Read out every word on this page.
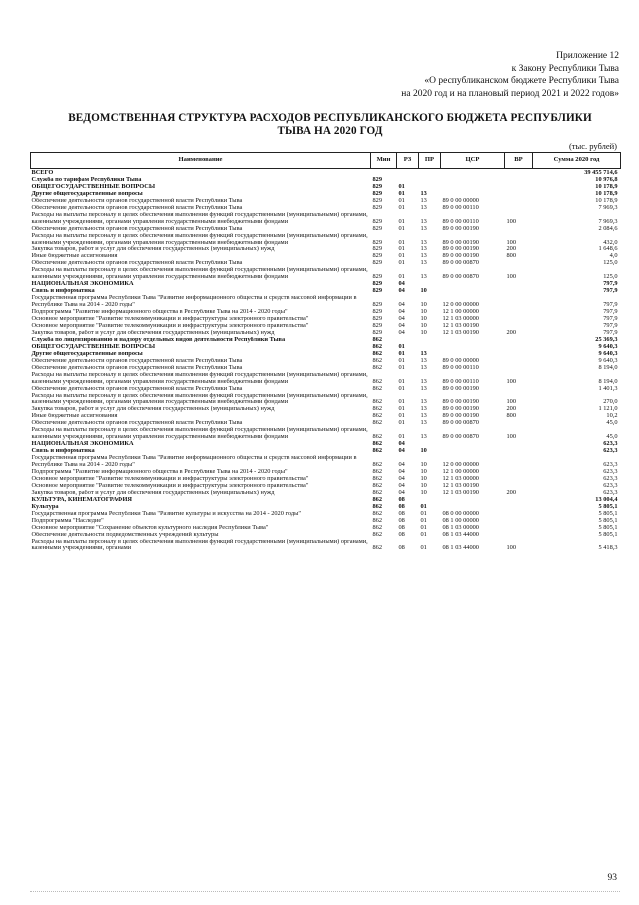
Приложение 12
к Закону Республики Тыва
«О республиканском бюджете Республики Тыва
на 2020 год и на плановый период 2021 и 2022 годов»
ВЕДОМСТВЕННАЯ СТРУКТУРА РАСХОДОВ РЕСПУБЛИКАНСКОГО БЮДЖЕТА РЕСПУБЛИКИ ТЫВА НА 2020 ГОД
(тыс. рублей)
Наименование	Мин	РЗ	ПР	ЦСР	ВР	Сумма 2020 год
ВСЕГО						39 455 714,6
Служба по тарифам Республики Тыва	829					10 976,8
ОБЩЕГОСУДАРСТВЕННЫЕ ВОПРОСЫ	829	01				10 178,9
Другие общегосударственные вопросы	829	01	13			10 178,9
Обеспечение деятельности органов государственной власти Республики Тыва	829	01	13	89 0 00 00000		10 178,9
Обеспечение деятельности органов государственной власти Республики Тыва	829	01	13	89 0 00 00110		7 969,3
Расходы на выплаты персоналу в целях обеспечения выполнения функций государственными (муниципальными) органами, казенными учреждениями, органами управления государственными внебюджетными фондами	829	01	13	89 0 00 00110	100	7 969,3
Обеспечение деятельности органов государственной власти Республики Тыва	829	01	13	89 0 00 00190		2 084,6
Расходы на выплаты персоналу в целях обеспечения выполнения функций государственными (муниципальными) органами, казенными учреждениями, органами управления государственными внебюджетными фондами	829	01	13	89 0 00 00190	100	432,0
Закупка товаров, работ и услуг для обеспечения государственных (муниципальных) нужд	829	01	13	89 0 00 00190	200	1 648,6
Иные бюджетные ассигнования	829	01	13	89 0 00 00190	800	4,0
Обеспечение деятельности органов государственной власти Республики Тыва	829	01	13	89 0 00 00870		125,0
Расходы на выплаты персоналу в целях обеспечения выполнения функций государственными (муниципальными) органами, казенными учреждениями, органами управления государственными внебюджетными фондами	829	01	13	89 0 00 00870	100	125,0
НАЦИОНАЛЬНАЯ ЭКОНОМИКА	829	04				797,9
Связь и информатика	829	04	10			797,9
Государственная программа Республики Тыва "Развитие информационного общества и средств массовой информации в Республике Тыва на 2014 - 2020 годы"	829	04	10	12 0 00 00000		797,9
Подпрограмма "Развитие информационного общества в Республике Тыва на 2014 - 2020 годы"	829	04	10	12 1 00 00000		797,9
Основное мероприятие "Развитие телекоммуникации и инфраструктуры электронного правительства"	829	04	10	12 1 03 00000		797,9
Основное мероприятие "Развитие телекоммуникации и инфраструктуры электронного правительства"	829	04	10	12 1 03 00190		797,9
Закупка товаров, работ и услуг для обеспечения государственных (муниципальных) нужд	829	04	10	12 1 03 00190	200	797,9
Служба по лицензированию и надзору отдельных видов деятельности Республики Тыва	862					25 369,3
ОБЩЕГОСУДАРСТВЕННЫЕ ВОПРОСЫ	862	01				9 640,3
Другие общегосударственные вопросы	862	01	13			9 640,3
Обеспечение деятельности органов государственной власти Республики Тыва	862	01	13	89 0 00 00000		9 640,3
Обеспечение деятельности органов государственной власти Республики Тыва	862	01	13	89 0 00 00110		8 194,0
Расходы на выплаты персоналу в целях обеспечения выполнения функций государственными (муниципальными) органами, казенными учреждениями, органами управления государственными внебюджетными фондами	862	01	13	89 0 00 00110	100	8 194,0
Обеспечение деятельности органов государственной власти Республики Тыва	862	01	13	89 0 00 00190		1 401,3
Расходы на выплаты персоналу в целях обеспечения выполнения функций государственными (муниципальными) органами, казенными учреждениями, органами управления государственными внебюджетными фондами	862	01	13	89 0 00 00190	100	270,0
Закупка товаров, работ и услуг для обеспечения государственных (муниципальных) нужд	862	01	13	89 0 00 00190	200	1 121,0
Иные бюджетные ассигнования	862	01	13	89 0 00 00190	800	10,2
Обеспечение деятельности органов государственной власти Республики Тыва	862	01	13	89 0 00 00870		45,0
Расходы на выплаты персоналу в целях обеспечения выполнения функций государственными (муниципальными) органами, казенными учреждениями, органами управления государственными внебюджетными фондами	862	01	13	89 0 00 00870	100	45,0
НАЦИОНАЛЬНАЯ ЭКОНОМИКА	862	04				623,3
Связь и информатика	862	04	10			623,3
Государственная программа Республики Тыва "Развитие информационного общества и средств массовой информации в Республике Тыва на 2014 - 2020 годы"	862	04	10	12 0 00 00000		623,3
Подпрограмма "Развитие информационного общества в Республике Тыва на 2014 - 2020 годы"	862	04	10	12 1 00 00000		623,3
Основное мероприятие "Развитие телекоммуникации и инфраструктуры электронного правительства"	862	04	10	12 1 03 00000		623,3
Основное мероприятие "Развитие телекоммуникации и инфраструктуры электронного правительства"	862	04	10	12 1 03 00190		623,3
Закупка товаров, работ и услуг для обеспечения государственных (муниципальных) нужд	862	04	10	12 1 03 00190	200	623,3
КУЛЬТУРА, КИНЕМАТОГРАФИЯ	862	08				13 004,4
Культура	862	08	01			5 805,1
Государственная программа Республики Тыва "Развитие культуры и искусства на 2014 - 2020 годы"	862	08	01	08 0 00 00000		5 805,1
Подпрограмма "Наследие"	862	08	01	08 1 00 00000		5 805,1
Основное мероприятие "Сохранение объектов культурного наследия Республики Тыва"	862	08	01	08 1 03 00000		5 805,1
Обеспечение деятельности подведомственных учреждений культуры	862	08	01	08 1 03 44000		5 805,1
Расходы на выплаты персоналу в целях обеспечения выполнения функций государственными (муниципальными) органами, казенными учреждениями, органами	862	08	01	08 1 03 44000	100	5 418,3
93
